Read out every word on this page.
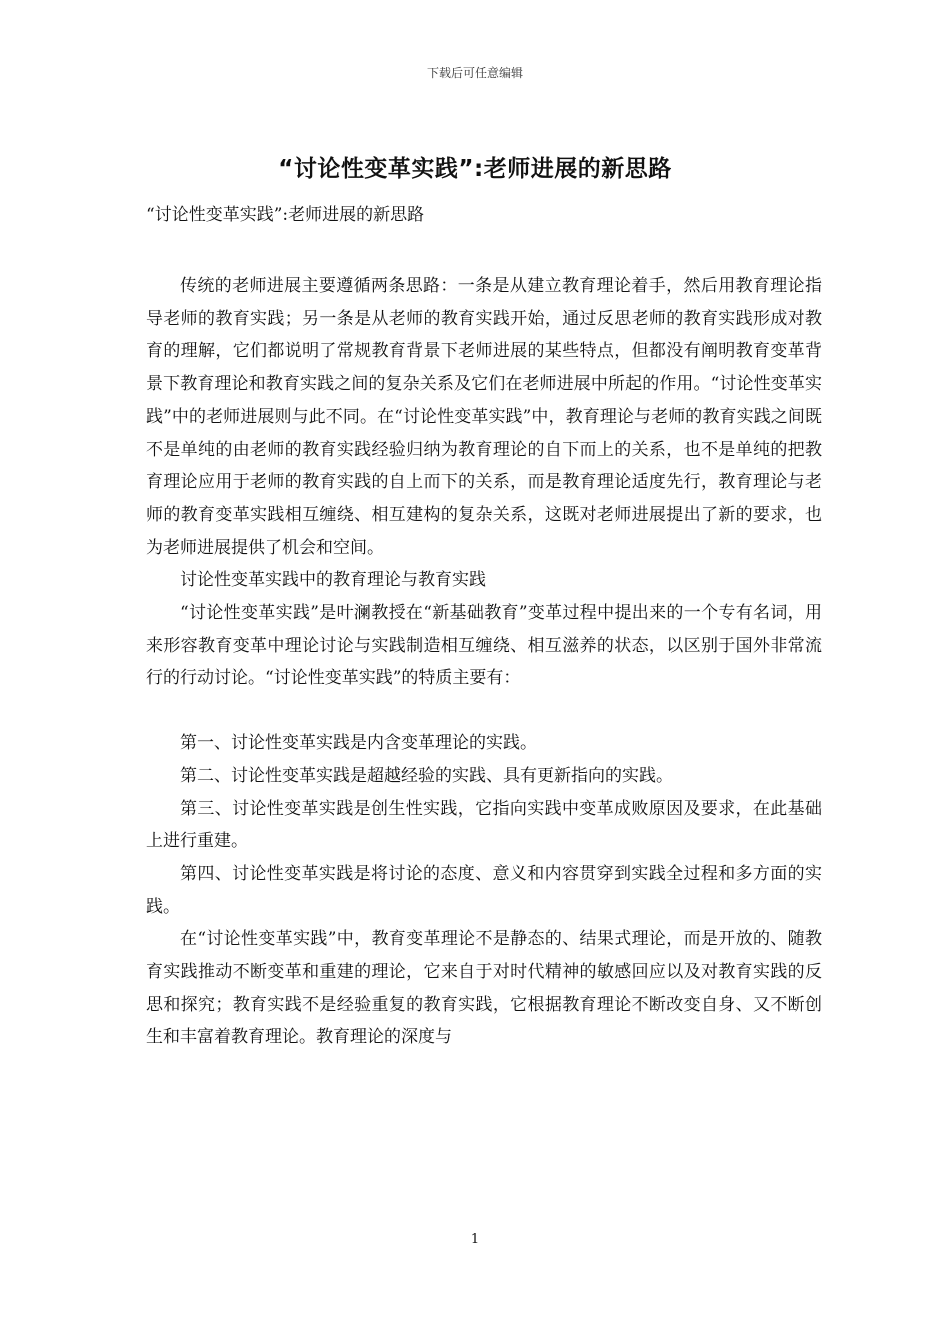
下载后可任意编辑
“讨论性变革实践”:老师进展的新思路
“讨论性变革实践”:老师进展的新思路

传统的老师进展主要遵循两条思路：一条是从建立教育理论着手，然后用教育理论指导老师的教育实践；另一条是从老师的教育实践开始，通过反思老师的教育实践形成对教育的理解，它们都说明了常规教育背景下老师进展的某些特点，但都没有阐明教育变革背景下教育理论和教育实践之间的复杂关系及它们在老师进展中所起的作用。“讨论性变革实践”中的老师进展则与此不同。在“讨论性变革实践”中，教育理论与老师的教育实践之间既不是单纯的由老师的教育实践经验归纳为教育理论的自下而上的关系，也不是单纯的把教育理论应用于老师的教育实践的自上而下的关系，而是教育理论适度先行，教育理论与老师的教育变革实践相互缠绕、相互建构的复杂关系，这既对老师进展提出了新的要求，也为老师进展提供了机会和空间。

讨论性变革实践中的教育理论与教育实践

“讨论性变革实践”是叶澜教授在“新基础教育”变革过程中提出来的一个专有名词，用来形容教育变革中理论讨论与实践制造相互缠绕、相互滋养的状态，以区别于国外非常流行的行动讨论。“讨论性变革实践”的特质主要有：

第一、讨论性变革实践是内含变革理论的实践。

第二、讨论性变革实践是超越经验的实践、具有更新指向的实践。

第三、讨论性变革实践是创生性实践，它指向实践中变革成败原因及要求，在此基础上进行重建。

第四、讨论性变革实践是将讨论的态度、意义和内容贯穿到实践全过程和多方面的实践。

在“讨论性变革实践”中，教育变革理论不是静态的、结果式理论，而是开放的、随教育实践推动不断变革和重建的理论，它来自于对时代精神的敏感回应以及对教育实践的反思和探究；教育实践不是经验重复的教育实践，它根据教育理论不断改变自身、又不断创生和丰富着教育理论。教育理论的深度与

1
